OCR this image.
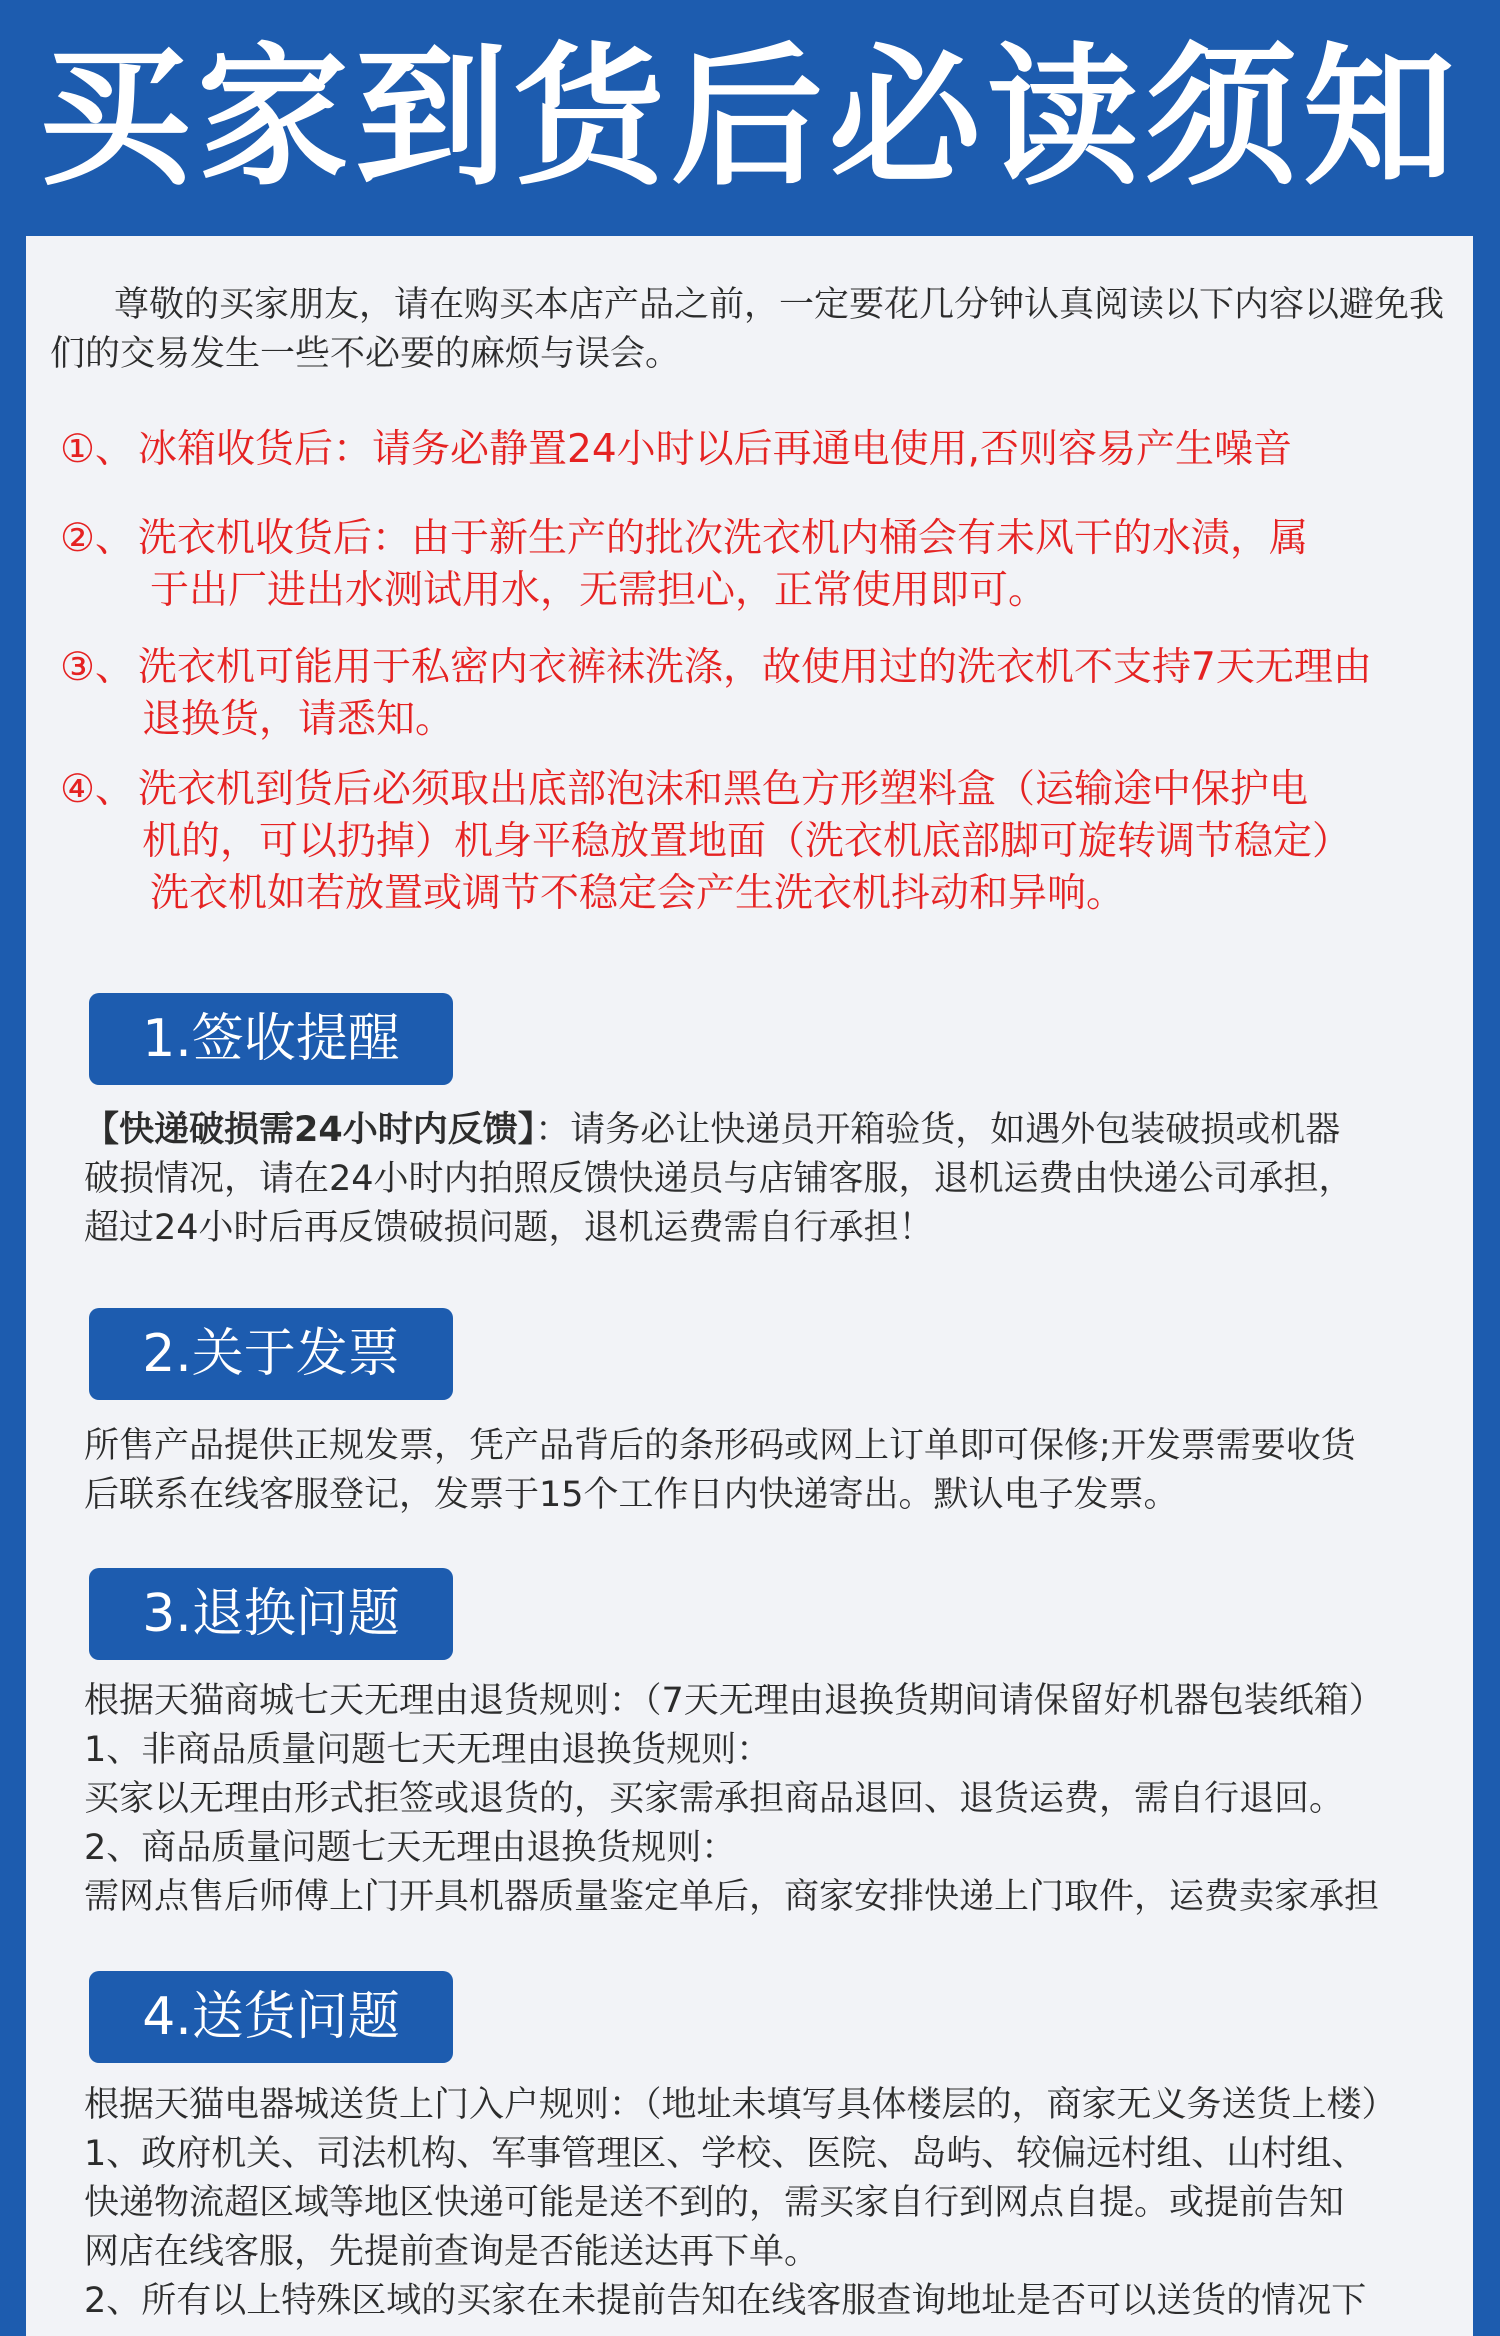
买家到货后必读须知
尊敬的买家朋友，请在购买本店产品之前，一定要花几分钟认真阅读以下内容以避免我们的交易发生一些不必要的麻烦与误会。
①、 冰箱收货后：请务必静置24小时以后再通电使用,否则容易产生噪音
②、 洗衣机收货后：由于新生产的批次洗衣机内桶会有未风干的水渍，属
于出厂进出水测试用水，无需担心，正常使用即可。
③、 洗衣机可能用于私密内衣裤袜洗涤，故使用过的洗衣机不支持7天无理由
退换货，请悉知。
④、 洗衣机到货后必须取出底部泡沫和黑色方形塑料盒（运输途中保护电
机的，可以扔掉）机身平稳放置地面（洗衣机底部脚可旋转调节稳定）
洗衣机如若放置或调节不稳定会产生洗衣机抖动和异响。
1.签收提醒
【快递破损需24小时内反馈】：请务必让快递员开箱验货，如遇外包装破损或机器
破损情况，请在24小时内拍照反馈快递员与店铺客服，退机运费由快递公司承担，
超过24小时后再反馈破损问题，退机运费需自行承担！
2.关于发票
所售产品提供正规发票，凭产品背后的条形码或网上订单即可保修;开发票需要收货
后联系在线客服登记，发票于15个工作日内快递寄出。默认电子发票。
3.退换问题
根据天猫商城七天无理由退货规则：（7天无理由退换货期间请保留好机器包装纸箱）
1、非商品质量问题七天无理由退换货规则：
买家以无理由形式拒签或退货的，买家需承担商品退回、退货运费，需自行退回。
2、商品质量问题七天无理由退换货规则：
需网点售后师傅上门开具机器质量鉴定单后，商家安排快递上门取件，运费卖家承担
4.送货问题
根据天猫电器城送货上门入户规则：（地址未填写具体楼层的，商家无义务送货上楼）
1、政府机关、司法机构、军事管理区、学校、医院、岛屿、较偏远村组、山村组、
快递物流超区域等地区快递可能是送不到的，需买家自行到网点自提。或提前告知
网店在线客服，先提前查询是否能送达再下单。
2、所有以上特殊区域的买家在未提前告知在线客服查询地址是否可以送货的情况下
